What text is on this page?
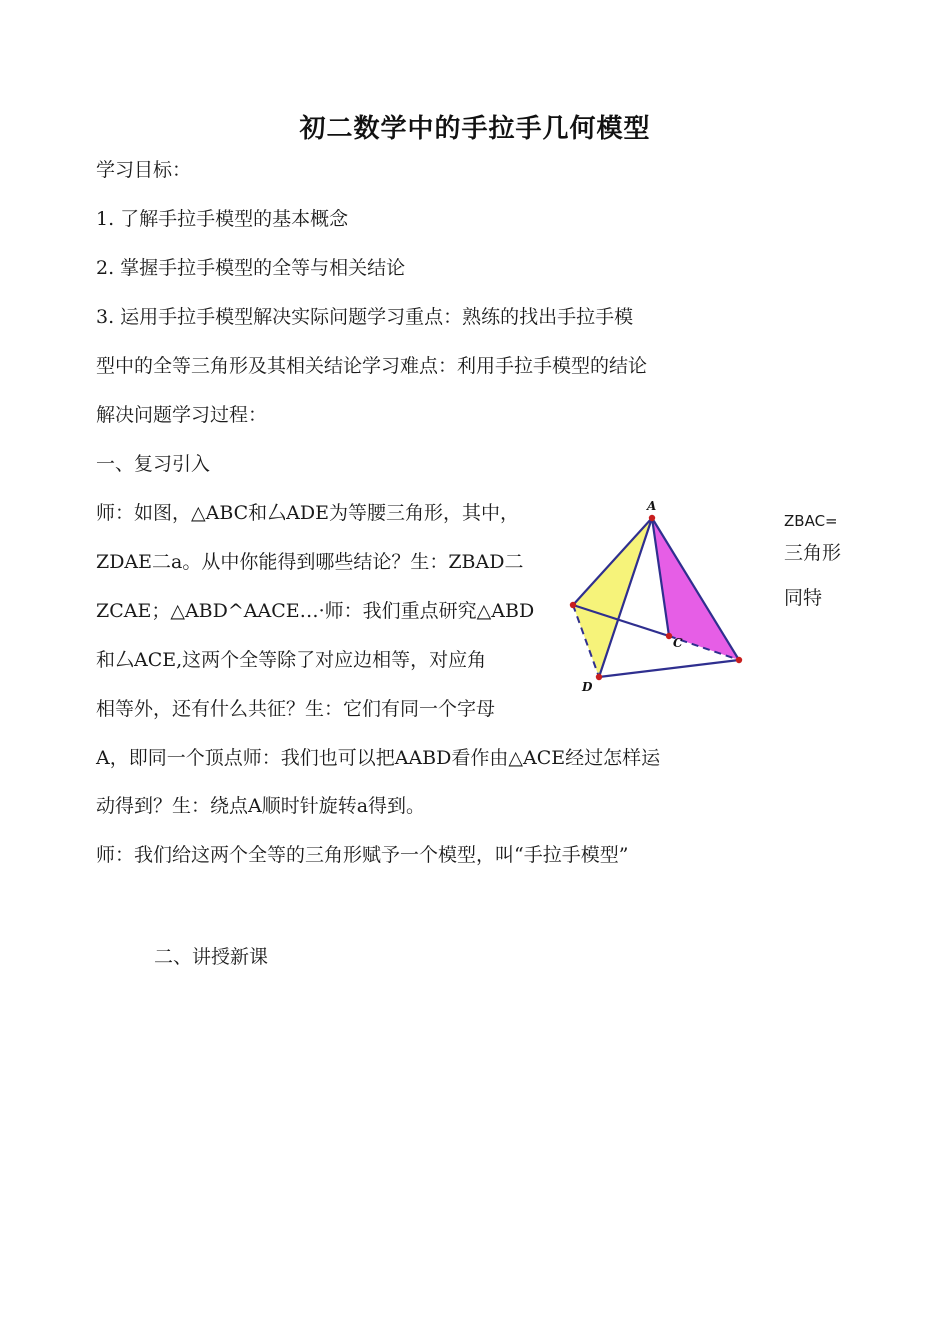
初二数学中的手拉手几何模型
学习目标：
1. 了解手拉手模型的基本概念
2. 掌握手拉手模型的全等与相关结论
3. 运用手拉手模型解决实际问题学习重点：熟练的找出手拉手模
型中的全等三角形及其相关结论学习难点：利用手拉手模型的结论
解决问题学习过程：
一、复习引入
师：如图，△ABC和厶ADE为等腰三角形，其中，
ZDAE二a。从中你能得到哪些结论？生：ZBAD二
ZCAE；△ABD^AACE…·师：我们重点研究△ABD
和厶ACE,这两个全等除了对应边相等，对应角
相等外，还有什么共征？生：它们有同一个字母
A，即同一个顶点师：我们也可以把AABD看作由△ACE经过怎样运
动得到？生：绕点A顺时针旋转a得到。
师：我们给这两个全等的三角形赋予一个模型，叫“手拉手模型”
二、讲授新课
ZBAC=
三角形
同特
A
C
D
